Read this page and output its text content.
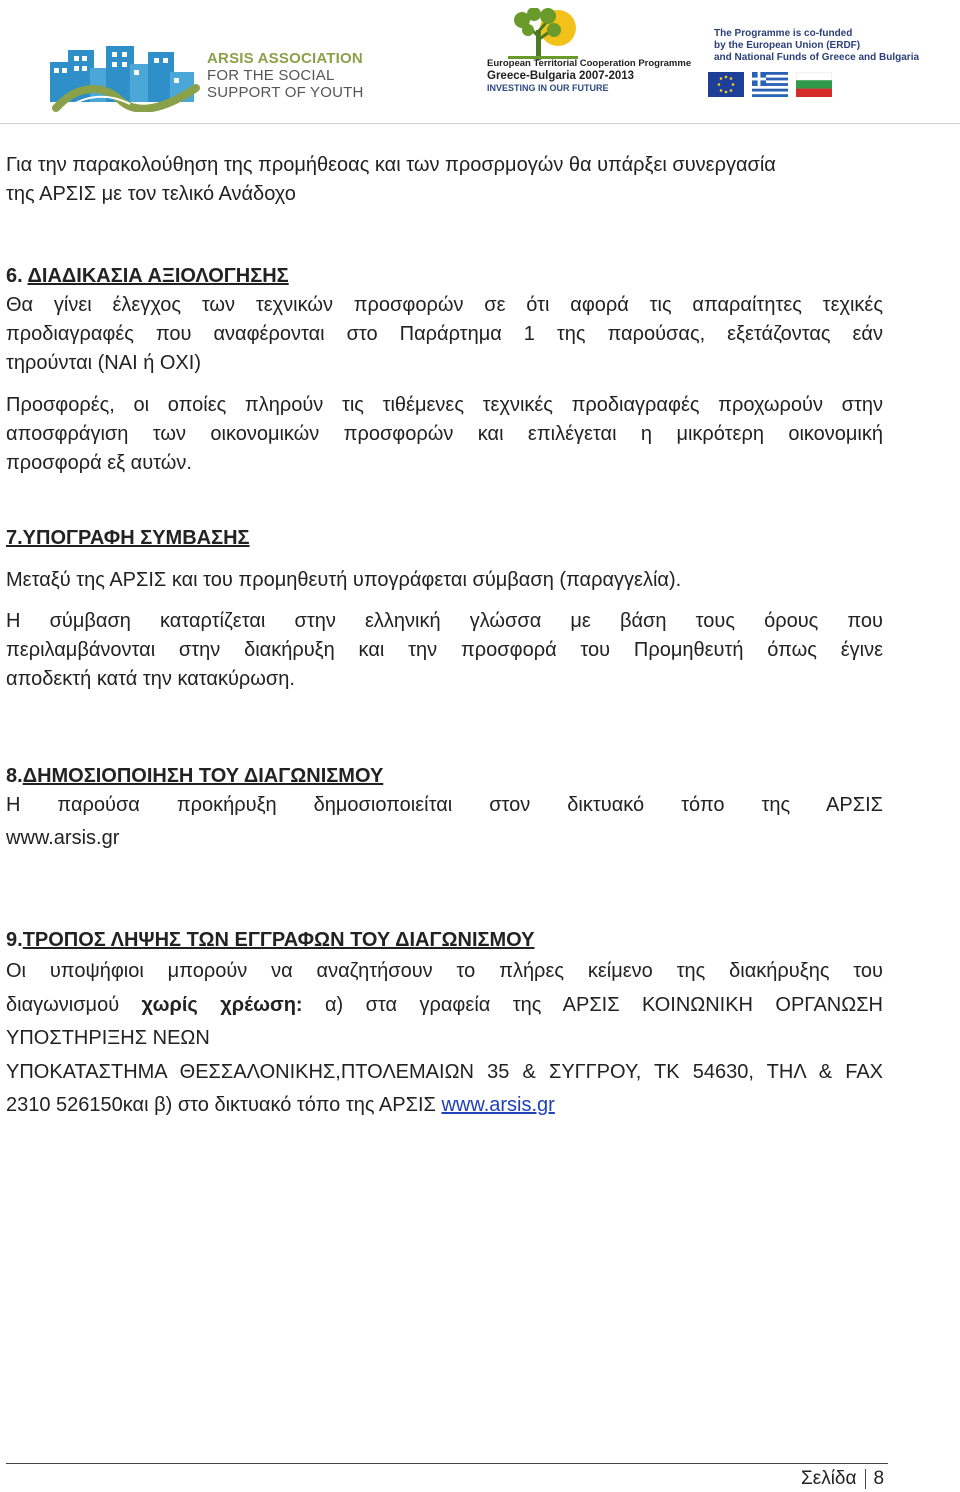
ARSIS ASSOCIATION
FOR THE SOCIAL
SUPPORT OF YOUTH
European Territorial Cooperation Programme
Greece-Bulgaria 2007-2013
INVESTING IN OUR FUTURE
The Programme is co-funded
by the European Union (ERDF)
and National Funds of Greece and Bulgaria
Για την παρακολούθηση της προμήθεοας και των προσρμογών θα υπάρξει συνεργασία
της ΑΡΣΙΣ με τον τελικό Ανάδοχο
6. ΔΙΑΔΙΚΑΣΙΑ ΑΞΙΟΛΟΓΗΣΗΣ
Θα γίνει έλεγχος των τεχνικών προσφορών σε ότι αφορά τις απαραίτητες τεχικές
προδιαγραφές που αναφέρονται στο Παράρτημα 1 της παρούσας, εξετάζοντας εάν
τηρούνται (ΝΑΙ ή ΟΧΙ)
Προσφορές, οι οποίες πληρούν τις τιθέμενες τεχνικές προδιαγραφές προχωρούν στην
αποσφράγιση των οικονομικών προσφορών και επιλέγεται η μικρότερη οικονομική
προσφορά εξ αυτών.
7.ΥΠΟΓΡΑΦΗ ΣΥΜΒΑΣΗΣ
Μεταξύ της ΑΡΣΙΣ και του προμηθευτή υπογράφεται σύμβαση (παραγγελία).
Η σύμβαση καταρτίζεται στην ελληνική γλώσσα με βάση τους όρους που
περιλαμβάνονται στην διακήρυξη και την προσφορά του Προμηθευτή όπως έγινε
αποδεκτή κατά την κατακύρωση.
8.ΔΗΜΟΣΙΟΠΟΙΗΣΗ ΤΟΥ ΔΙΑΓΩΝΙΣΜΟΥ
Η παρούσα προκήρυξη δημοσιοποιείται στον δικτυακό τόπο της ΑΡΣΙΣ
www.arsis.gr
9.ΤΡΟΠΟΣ ΛΗΨΗΣ ΤΩΝ ΕΓΓΡΑΦΩΝ ΤΟΥ ΔΙΑΓΩΝΙΣΜΟΥ
Οι υποψήφιοι μπορούν να αναζητήσουν το πλήρες κείμενο της διακήρυξης του
διαγωνισμού χωρίς χρέωση: α) στα γραφεία της ΑΡΣΙΣ ΚΟΙΝΩΝΙΚΗ ΟΡΓΑΝΩΣΗ
ΥΠΟΣΤΗΡΙΞΗΣ ΝΕΩΝ
ΥΠΟΚΑΤΑΣΤΗΜΑ ΘΕΣΣΑΛΟΝΙΚΗΣ,ΠΤΟΛΕΜΑΙΩΝ 35 & ΣΥΓΓΡΟΥ, ΤΚ 54630, ΤΗΛ & FAX
2310 526150και β) στο δικτυακό τόπο της ΑΡΣΙΣ www.arsis.gr
Σελίδα 8
